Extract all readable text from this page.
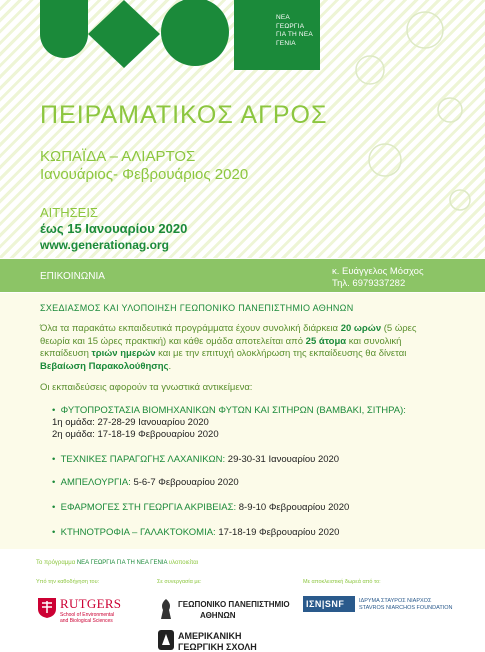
ΝΕΑ
ΓΕΩΡΓΙΑ
ΓΙΑ ΤΗ ΝΕΑ
ΓΕΝΙΑ
ΠΕΙΡΑΜΑΤΙΚΟΣ ΑΓΡΟΣ
ΚΩΠΑΪΔΑ – ΑΛΙΑΡΤΟΣ
Ιανουάριος- Φεβρουάριος 2020
ΑΙΤΗΣΕΙΣ
έως 15 Ιανουαρίου 2020
www.generationag.org
ΕΠΙΚΟΙΝΩΝΙΑ	κ. Ευάγγελος Μόσχος
Τηλ. 6979337282
ΣΧΕΔΙΑΣΜΟΣ ΚΑΙ ΥΛΟΠΟΙΗΣΗ ΓΕΩΠΟΝΙΚΟ ΠΑΝΕΠΙΣΤΗΜΙΟ ΑΘΗΝΩΝ
Όλα τα παρακάτω εκπαιδευτικά προγράμματα έχουν συνολική διάρκεια 20 ωρών (5 ώρες θεωρία και 15 ώρες πρακτική) και κάθε ομάδα αποτελείται από 25 άτομα και συνολική εκπαίδευση τριών ημερών και με την επιτυχή ολοκλήρωση της εκπαίδευσης θα δίνεται Βεβαίωση Παρακολούθησης.
Οι εκπαιδεύσεις αφορούν τα γνωστικά αντικείμενα:
• ΦΥΤΟΠΡΟΣΤΑΣΙΑ ΒΙΟΜΗΧΑΝΙΚΩΝ ΦΥΤΩΝ ΚΑΙ ΣΙΤΗΡΩΝ (ΒΑΜΒΑΚΙ, ΣΙΤΗΡΑ):
1η ομάδα: 27-28-29 Ιανουαρίου 2020
2η ομάδα: 17-18-19 Φεβρουαρίου 2020
• ΤΕΧΝΙΚΕΣ ΠΑΡΑΓΩΓΗΣ ΛΑΧΑΝΙΚΩΝ: 29-30-31 Ιανουαρίου 2020
• ΑΜΠΕΛΟΥΡΓΙΑ: 5-6-7 Φεβρουαρίου 2020
• ΕΦΑΡΜΟΓΕΣ ΣΤΗ ΓΕΩΡΓΙΑ ΑΚΡΙΒΕΙΑΣ: 8-9-10 Φεβρουαρίου 2020
• ΚΤΗΝΟΤΡΟΦΙΑ – ΓΑΛΑΚΤΟΚΟΜΙΑ: 17-18-19 Φεβρουαρίου 2020
Το πρόγραμμα ΝΕΑ ΓΕΩΡΓΙΑ ΓΙΑ ΤΗ ΝΕΑ ΓΕΝΙΑ υλοποιείται
Υπό την καθοδήγηση του:	Σε συνεργασία με:	Με αποκλειστική δωρεά από το:
RUTGERS
School of Environmental
and Biological Sciences
ΓΕΩΠΟΝΙΚΟ ΠΑΝΕΠΙΣΤΗΜΙΟ
ΑΘΗΝΩΝ
ΑΜΕΡΙΚΑΝΙΚΗ
ΓΕΩΡΓΙΚΗ ΣΧΟΛΗ
ΙΣΝ|SNF	ΙΔΡΥΜΑ ΣΤΑΥΡΟΣ ΝΙΑΡΧΟΣ
STAVROS NIARCHOS FOUNDATION
